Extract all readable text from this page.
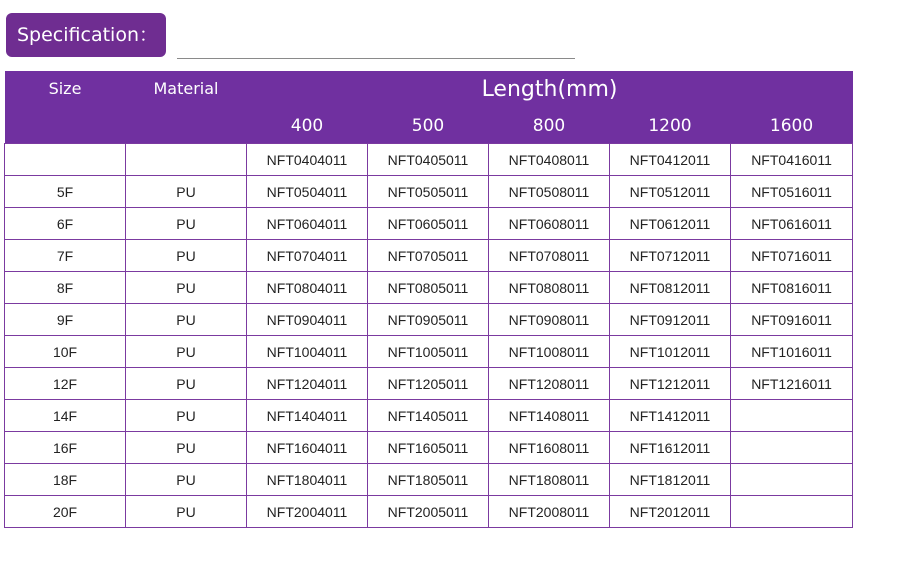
Specification：
Size	Material	Length(mm)				
		400	500	800	1200	1600
		NFT0404011	NFT0405011	NFT0408011	NFT0412011	NFT0416011
5F	PU	NFT0504011	NFT0505011	NFT0508011	NFT0512011	NFT0516011
6F	PU	NFT0604011	NFT0605011	NFT0608011	NFT0612011	NFT0616011
7F	PU	NFT0704011	NFT0705011	NFT0708011	NFT0712011	NFT0716011
8F	PU	NFT0804011	NFT0805011	NFT0808011	NFT0812011	NFT0816011
9F	PU	NFT0904011	NFT0905011	NFT0908011	NFT0912011	NFT0916011
10F	PU	NFT1004011	NFT1005011	NFT1008011	NFT1012011	NFT1016011
12F	PU	NFT1204011	NFT1205011	NFT1208011	NFT1212011	NFT1216011
14F	PU	NFT1404011	NFT1405011	NFT1408011	NFT1412011	
16F	PU	NFT1604011	NFT1605011	NFT1608011	NFT1612011	
18F	PU	NFT1804011	NFT1805011	NFT1808011	NFT1812011	
20F	PU	NFT2004011	NFT2005011	NFT2008011	NFT2012011	
